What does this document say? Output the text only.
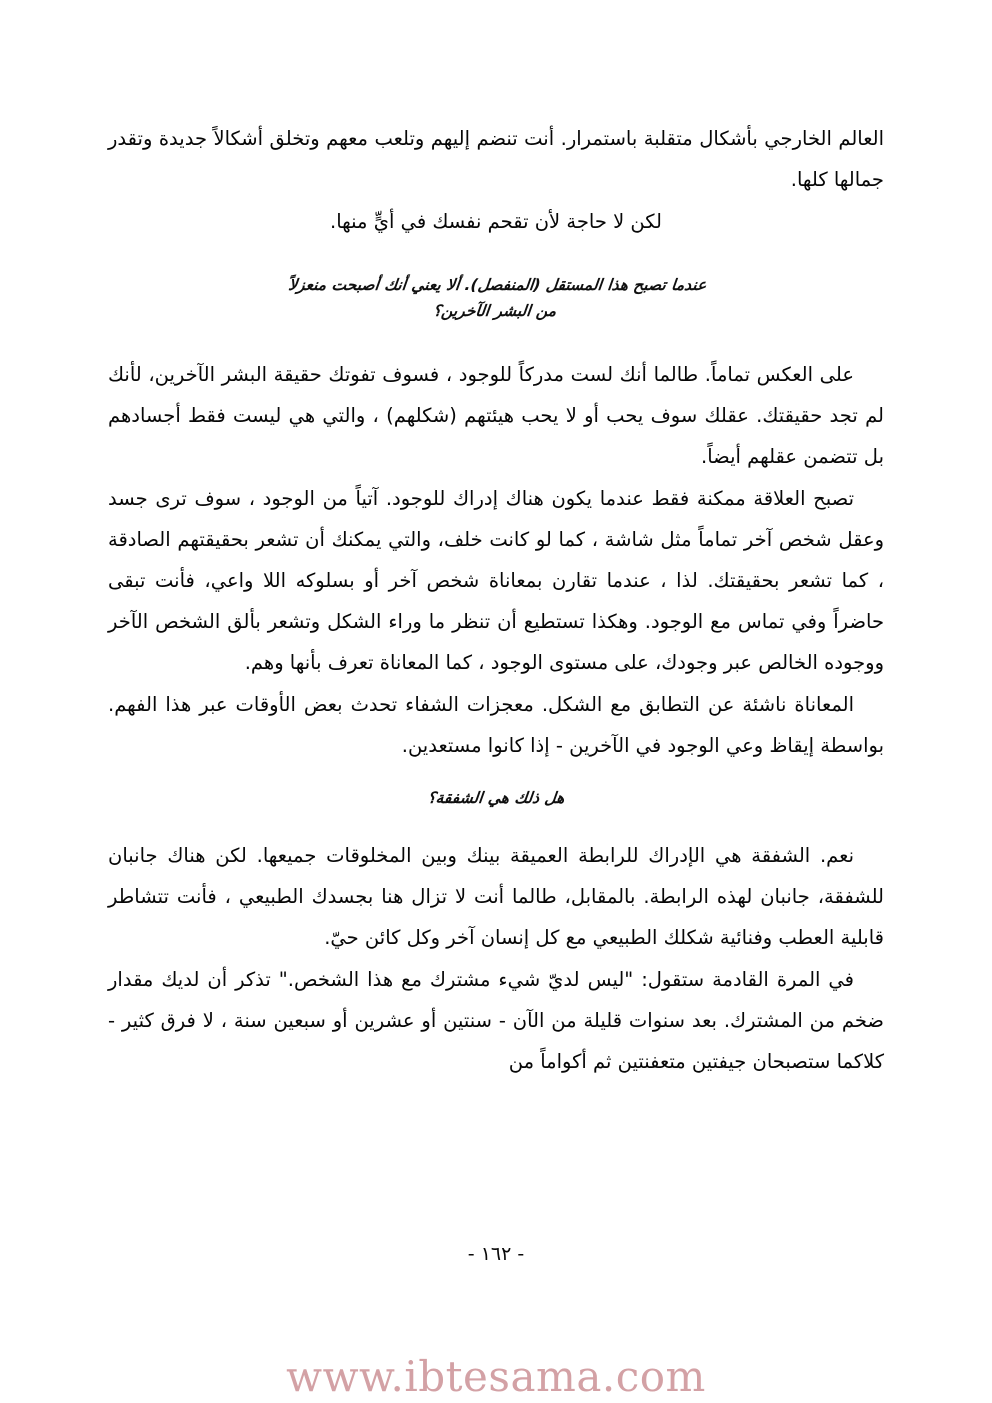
العالم الخارجي بأشكال متقلبة باستمرار. أنت تنضم إليهم وتلعب معهم وتخلق أشكالاً جديدة وتقدر جمالها كلها.

لكن لا حاجة لأن تقحم نفسك في أيٍّ منها.

عندما تصبح هذا المستقل (المنفصل). ألا يعني أنك أصبحت منعزلاً
من البشر الآخرين؟

على العكس تماماً. طالما أنك لست مدركاً للوجود ، فسوف تفوتك حقيقة البشر الآخرين، لأنك لم تجد حقيقتك. عقلك سوف يحب أو لا يحب هيئتهم (شكلهم) ، والتي هي ليست فقط أجسادهم بل تتضمن عقلهم أيضاً.

تصبح العلاقة ممكنة فقط عندما يكون هناك إدراك للوجود. آتياً من الوجود ، سوف ترى جسد وعقل شخص آخر تماماً مثل شاشة ، كما لو كانت خلف، والتي يمكنك أن تشعر بحقيقتهم الصادقة ، كما تشعر بحقيقتك. لذا ، عندما تقارن بمعاناة شخص آخر أو بسلوكه اللا واعي، فأنت تبقى حاضراً وفي تماس مع الوجود. وهكذا تستطيع أن تنظر ما وراء الشكل وتشعر بألق الشخص الآخر ووجوده الخالص عبر وجودك، على مستوى الوجود ، كما المعاناة تعرف بأنها وهم.

المعاناة ناشئة عن التطابق مع الشكل. معجزات الشفاء تحدث بعض الأوقات عبر هذا الفهم. بواسطة إيقاظ وعي الوجود في الآخرين - إذا كانوا مستعدين.

هل ذلك هي الشفقة؟

نعم. الشفقة هي الإدراك للرابطة العميقة بينك وبين المخلوقات جميعها. لكن هناك جانبان للشفقة، جانبان لهذه الرابطة. بالمقابل، طالما أنت لا تزال هنا بجسدك الطبيعي ، فأنت تتشاطر قابلية العطب وفنائية شكلك الطبيعي مع كل إنسان آخر وكل كائن حيّ.

في المرة القادمة ستقول: "ليس لديّ شيء مشترك مع هذا الشخص." تذكر أن لديك مقدار ضخم من المشترك. بعد سنوات قليلة من الآن - سنتين أو عشرين أو سبعين سنة ، لا فرق كثير - كلاكما ستصبحان جيفتين متعفنتين ثم أكواماً من

- ١٦٢ -
www.ibtesama.com
